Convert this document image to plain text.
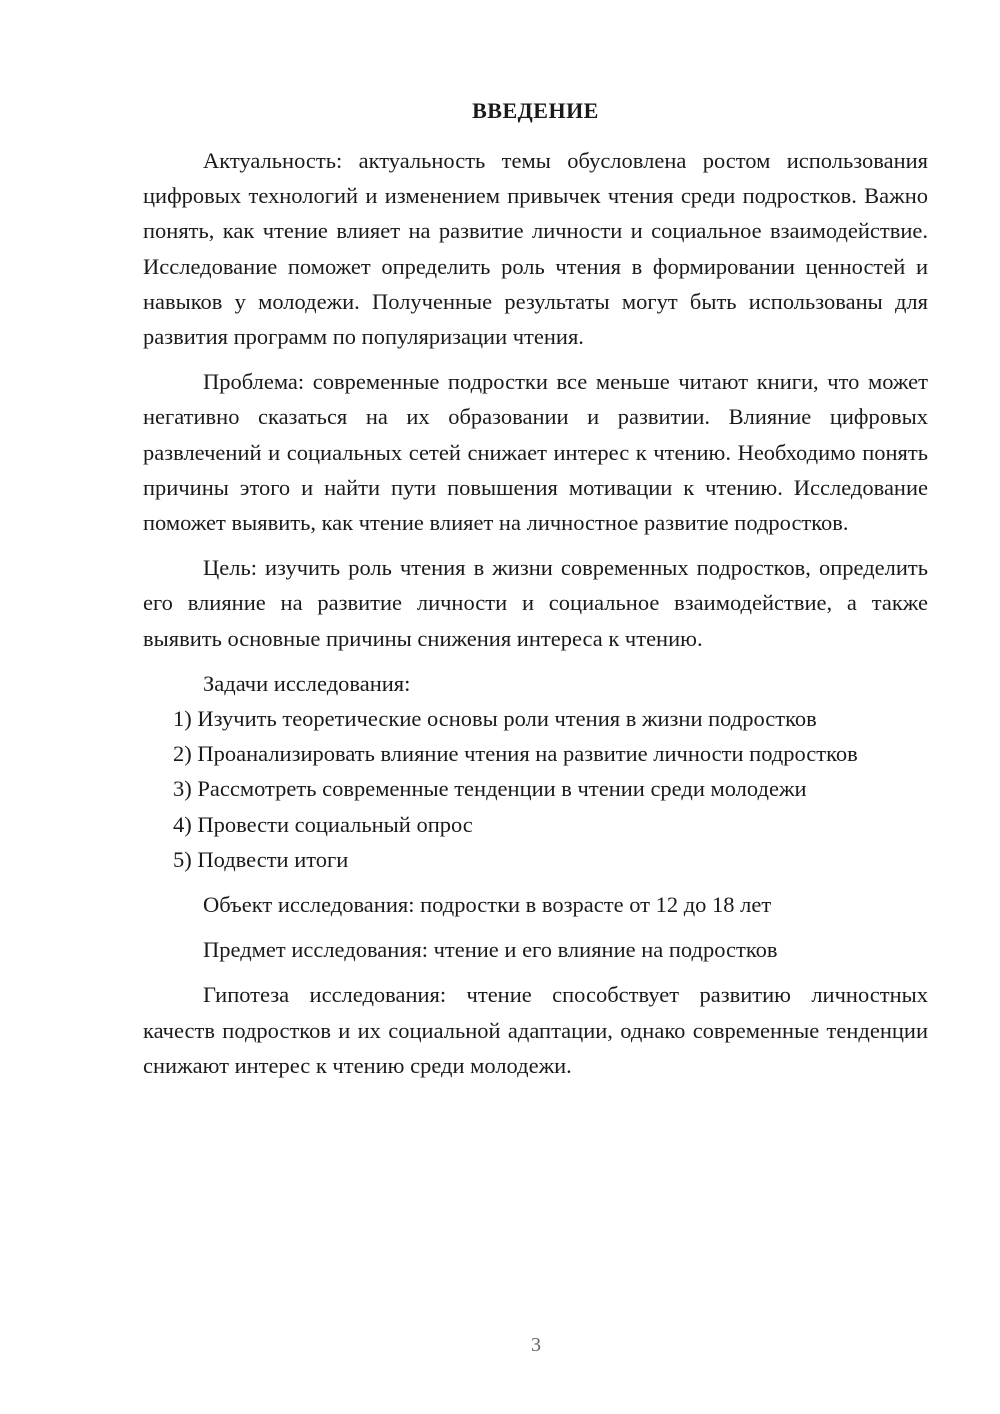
ВВЕДЕНИЕ

Актуальность: актуальность темы обусловлена ростом использования цифровых технологий и изменением привычек чтения среди подростков. Важно понять, как чтение влияет на развитие личности и социальное взаимодействие. Исследование поможет определить роль чтения в формировании ценностей и навыков у молодежи. Полученные результаты могут быть использованы для развития программ по популяризации чтения.

Проблема: современные подростки все меньше читают книги, что может негативно сказаться на их образовании и развитии. Влияние цифровых развлечений и социальных сетей снижает интерес к чтению. Необходимо понять причины этого и найти пути повышения мотивации к чтению. Исследование поможет выявить, как чтение влияет на личностное развитие подростков.

Цель: изучить роль чтения в жизни современных подростков, определить его влияние на развитие личности и социальное взаимодействие, а также выявить основные причины снижения интереса к чтению.

Задачи исследования:

1) Изучить теоретические основы роли чтения в жизни подростков

2) Проанализировать влияние чтения на развитие личности подростков

3) Рассмотреть современные тенденции в чтении среди молодежи

4) Провести социальный опрос

5) Подвести итоги

Объект исследования: подростки в возрасте от 12 до 18 лет

Предмет исследования: чтение и его влияние на подростков

Гипотеза исследования: чтение способствует развитию личностных качеств подростков и их социальной адаптации, однако современные тенденции снижают интерес к чтению среди молодежи.

3
